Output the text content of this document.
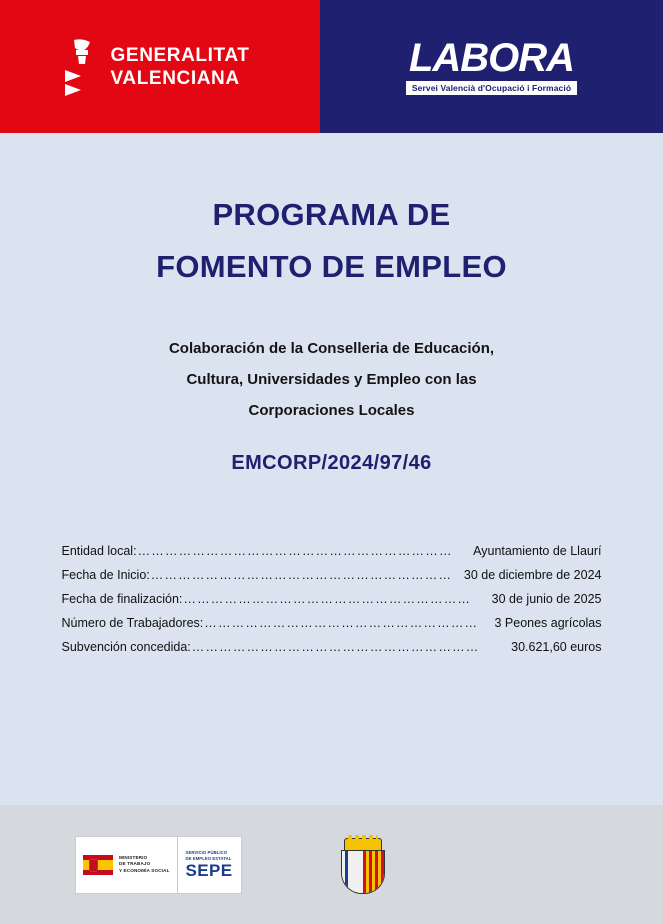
GENERALITAT
VALENCIANA	LABORA
Servei Valencià d'Ocupació i Formació
PROGRAMA DE
FOMENTO DE EMPLEO
Colaboración de la Conselleria de Educación,
Cultura, Universidades y Empleo con las
Corporaciones Locales
EMCORP/2024/97/46
Entidad local: ……………………………………………………………	Ayuntamiento de Llaurí
Fecha de Inicio: ………………………………………………………… 30 de diciembre de 2024
Fecha de finalización: ………………………………………………………	30 de junio de 2025
Número de Trabajadores: ……………………………………………………	3 Peones agrícolas
Subvención concedida: ………………………………………………………	30.621,60 euros
MINISTERIO
DE TRABAJO
Y ECONOMÍA SOCIAL
SERVICIO PÚBLICO
DE EMPLEO ESTATAL
SEPE
